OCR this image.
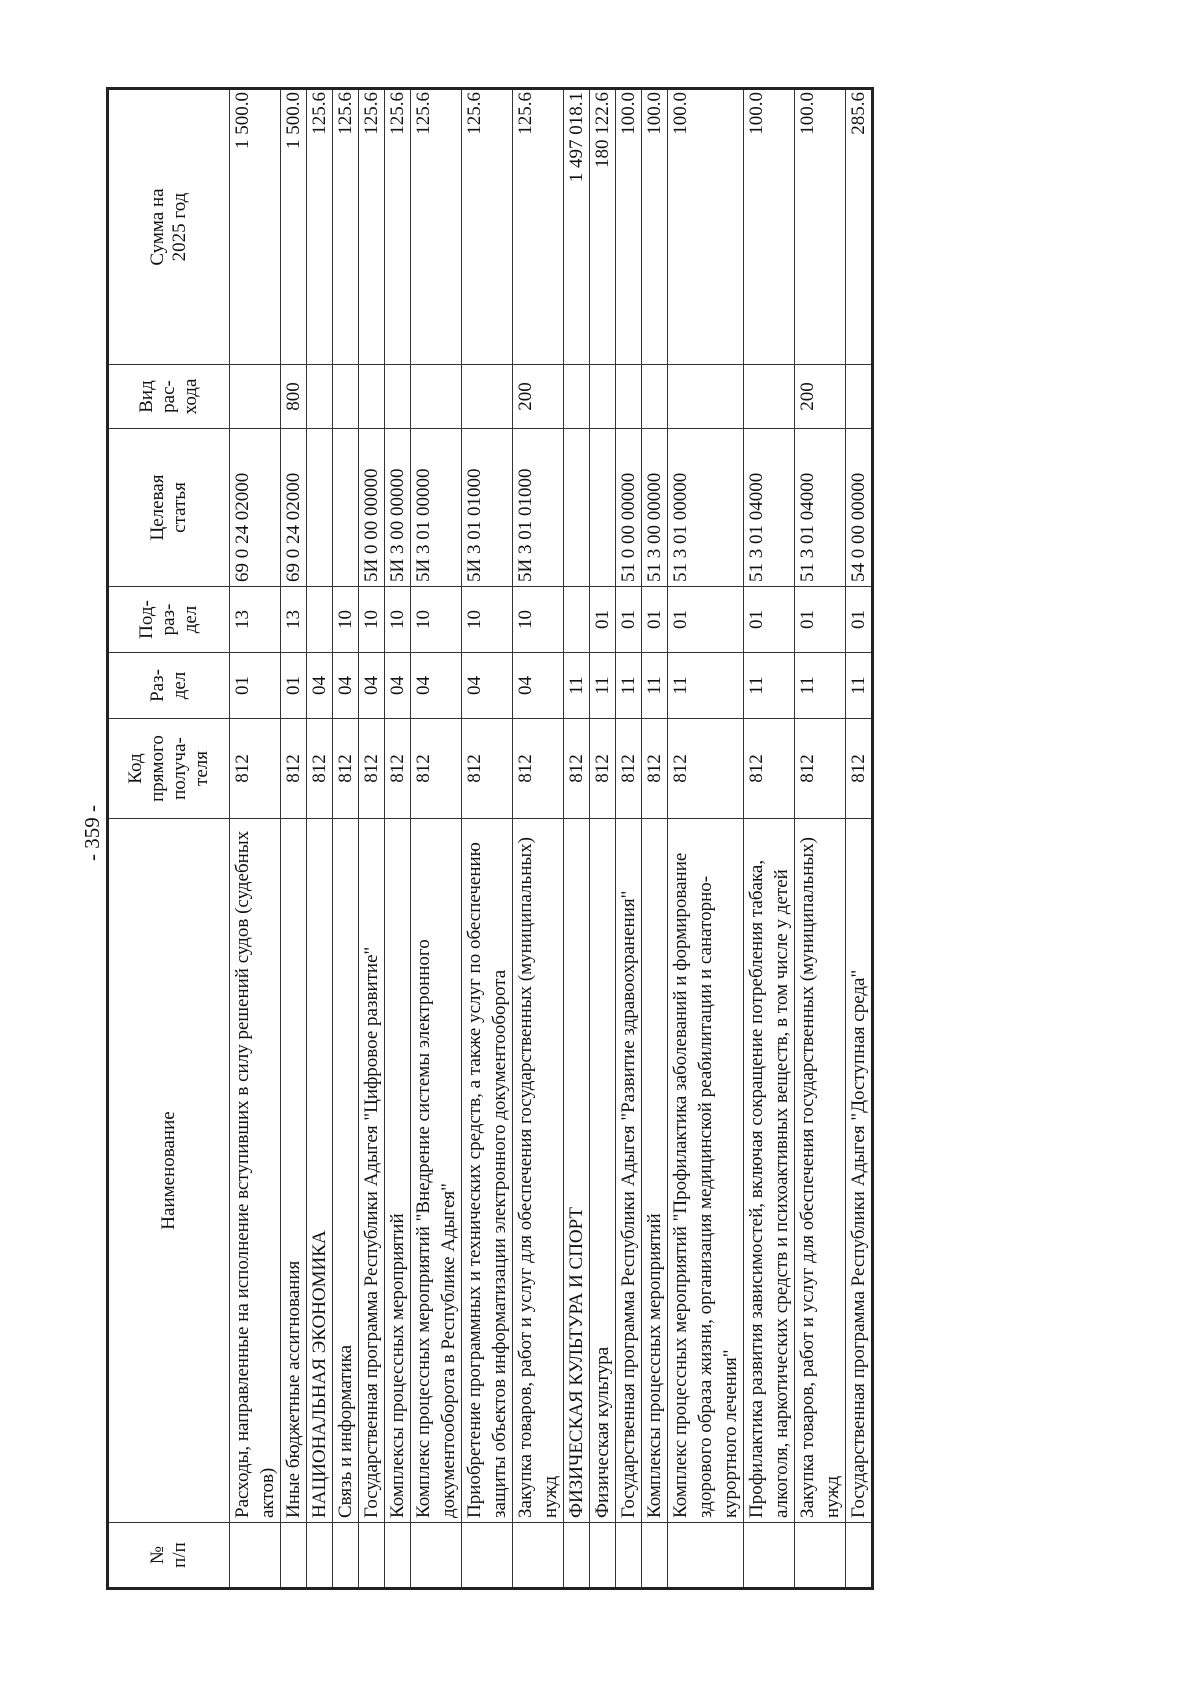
- 359 -
№
п/п	Наименование	Код
прямого
получа-
теля	Раз-
дел	Под-
раз-
дел	Целевая
статья	Вид
рас-
хода	Сумма на
2025 год
	Расходы, направленные на исполнение вступивших в силу решений судов (судебных актов)	812	01	13	69 0 24 02000		1 500.0
	Иные бюджетные ассигнования	812	01	13	69 0 24 02000	800	1 500.0
	НАЦИОНАЛЬНАЯ ЭКОНОМИКА	812	04				125.6
	Связь и информатика	812	04	10			125.6
	Государственная программа Республики Адыгея "Цифровое развитие"	812	04	10	5И 0 00 00000		125.6
	Комплексы процессных мероприятий	812	04	10	5И 3 00 00000		125.6
	Комплекс процессных мероприятий "Внедрение системы электронного документооборота в Республике Адыгея"	812	04	10	5И 3 01 00000		125.6
	Приобретение программных и технических средств, а также услуг по обеспечению защиты объектов информатизации электронного документооборота	812	04	10	5И 3 01 01000		125.6
	Закупка товаров, работ и услуг для обеспечения государственных (муниципальных) нужд	812	04	10	5И 3 01 01000	200	125.6
	ФИЗИЧЕСКАЯ КУЛЬТУРА И СПОРТ	812	11				1 497 018.1
	Физическая культура	812	11	01			180 122.6
	Государственная программа Республики Адыгея "Развитие здравоохранения"	812	11	01	51 0 00 00000		100.0
	Комплексы процессных мероприятий	812	11	01	51 3 00 00000		100.0
	Комплекс процессных мероприятий "Профилактика заболеваний и формирование здорового образа жизни, организация медицинской реабилитации и санаторно-курортного лечения"	812	11	01	51 3 01 00000		100.0
	Профилактика развития зависимостей, включая сокращение потребления табака, алкоголя, наркотических средств и психоактивных веществ, в том числе у детей	812	11	01	51 3 01 04000		100.0
	Закупка товаров, работ и услуг для обеспечения государственных (муниципальных) нужд	812	11	01	51 3 01 04000	200	100.0
	Государственная программа Республики Адыгея "Доступная среда"	812	11	01	54 0 00 00000		285.6
